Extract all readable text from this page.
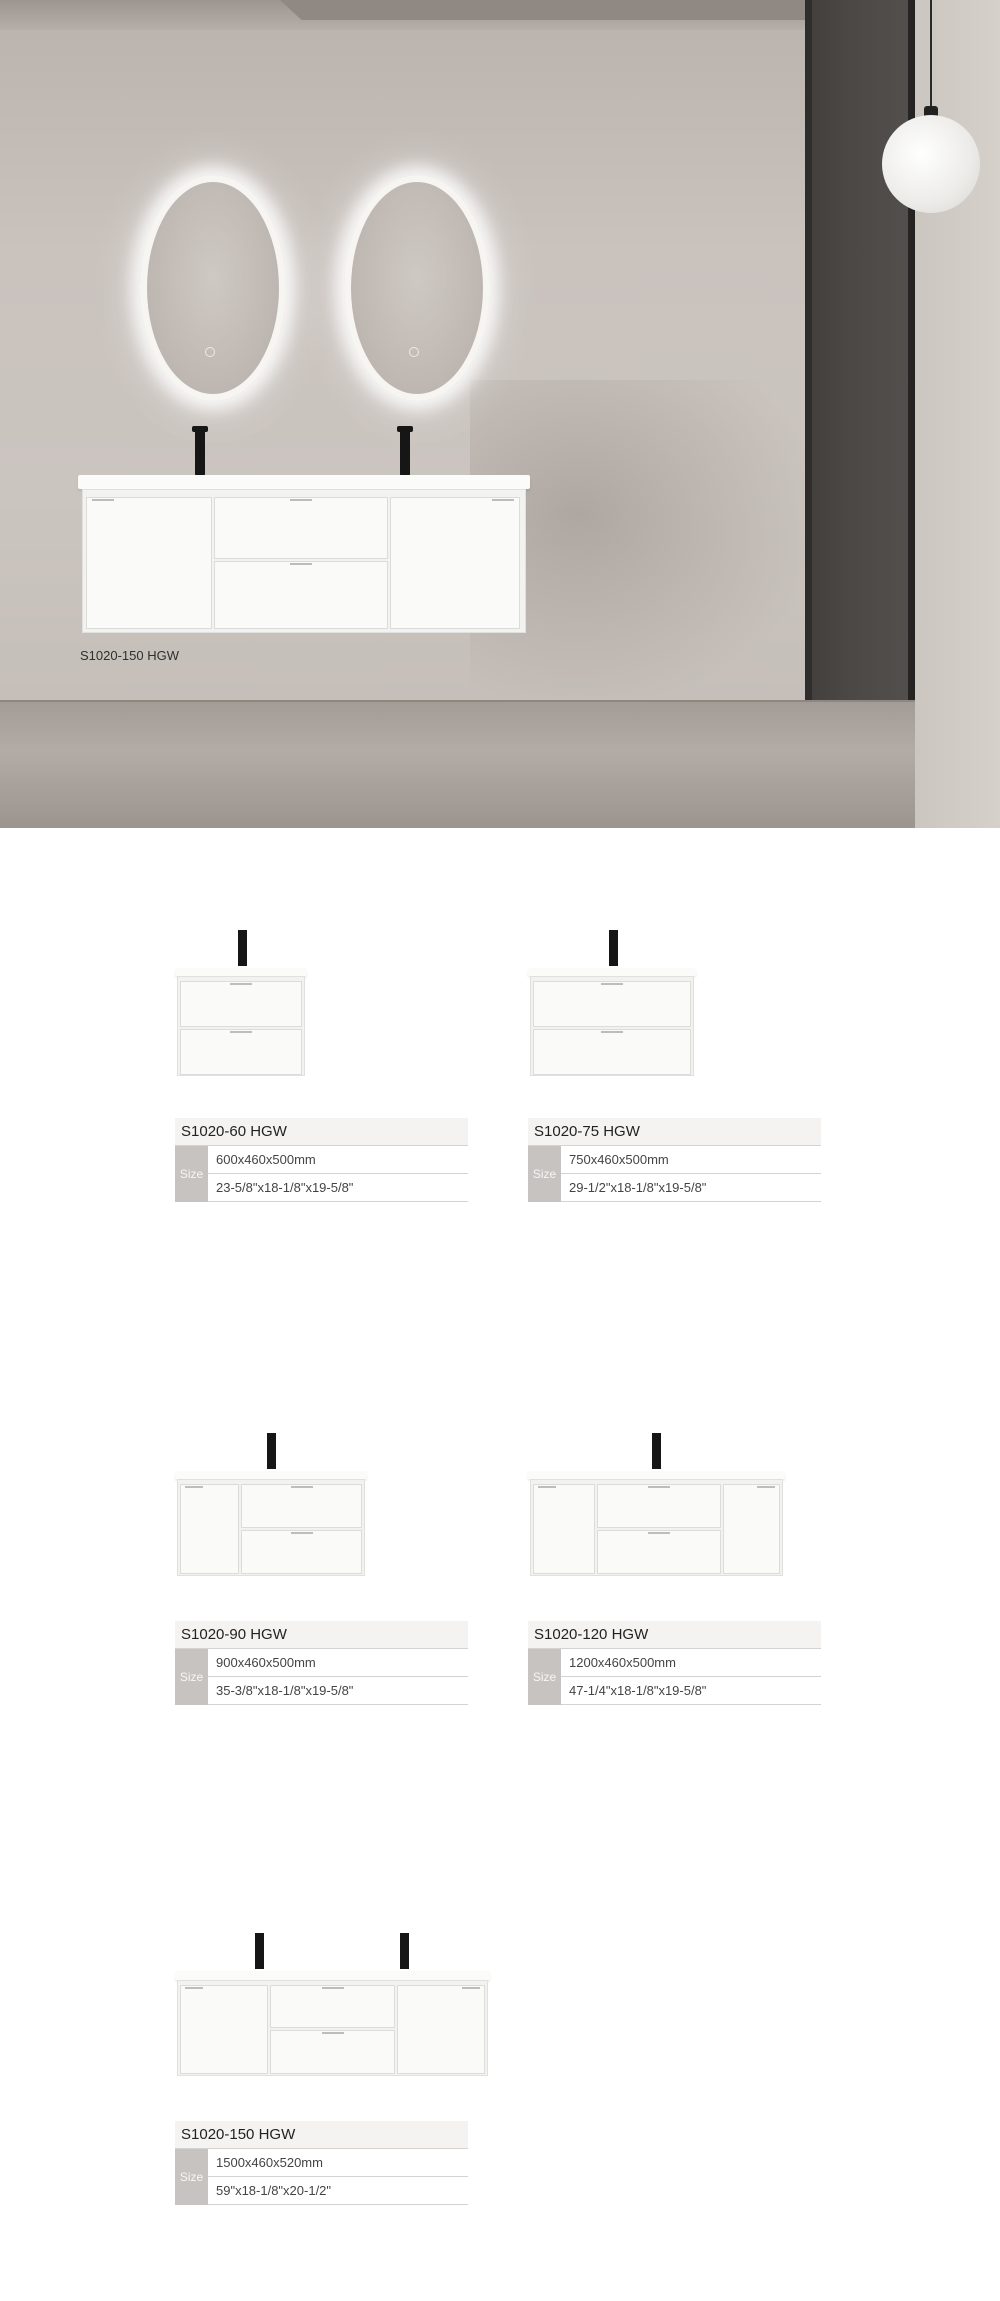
S1020-150 HGW
S1020-60 HGW
Size
600x460x500mm
23-5/8"x18-1/8"x19-5/8"
S1020-75 HGW
Size
750x460x500mm
29-1/2"x18-1/8"x19-5/8"
S1020-90 HGW
Size
900x460x500mm
35-3/8"x18-1/8"x19-5/8"
S1020-120 HGW
Size
1200x460x500mm
47-1/4"x18-1/8"x19-5/8"
S1020-150 HGW
Size
1500x460x520mm
59"x18-1/8"x20-1/2"
